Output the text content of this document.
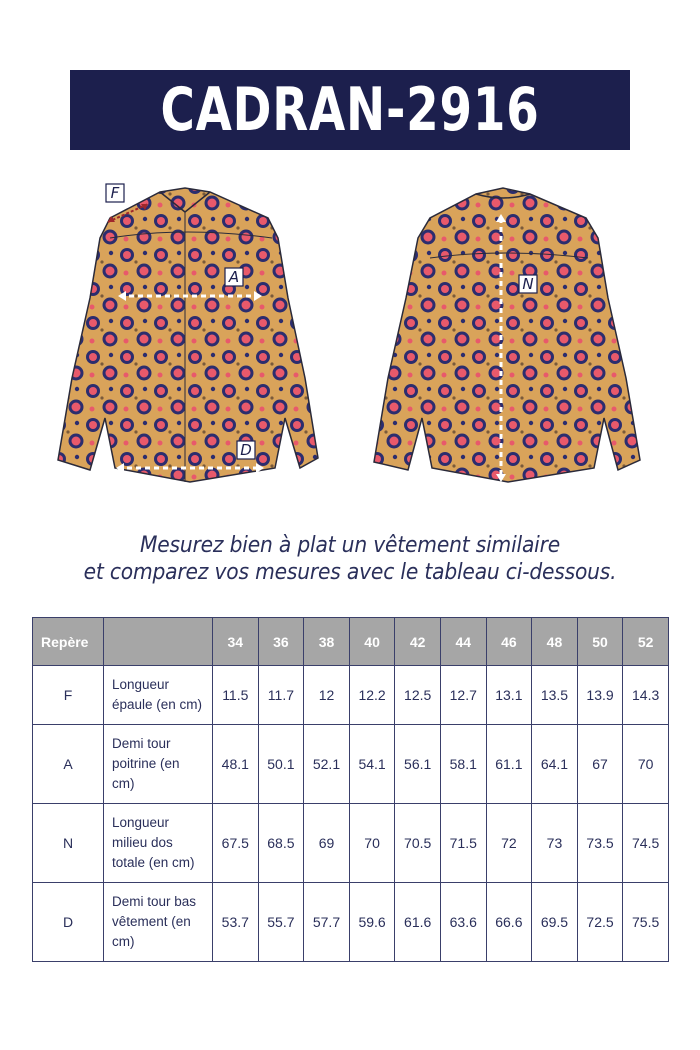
CADRAN-2916
F
A
D
N
Mesurez bien à plat un vêtement similaire
et comparez vos mesures avec le tableau ci-dessous.
Repère		34	36	38	40	42	44	46	48	50	52
F	Longueur
épaule (en cm)	11.5	11.7	12	12.2	12.5	12.7	13.1	13.5	13.9	14.3
A	Demi tour
poitrine (en
cm)	48.1	50.1	52.1	54.1	56.1	58.1	61.1	64.1	67	70
N	Longueur
milieu dos
totale (en cm)	67.5	68.5	69	70	70.5	71.5	72	73	73.5	74.5
D	Demi tour bas
vêtement (en
cm)	53.7	55.7	57.7	59.6	61.6	63.6	66.6	69.5	72.5	75.5
